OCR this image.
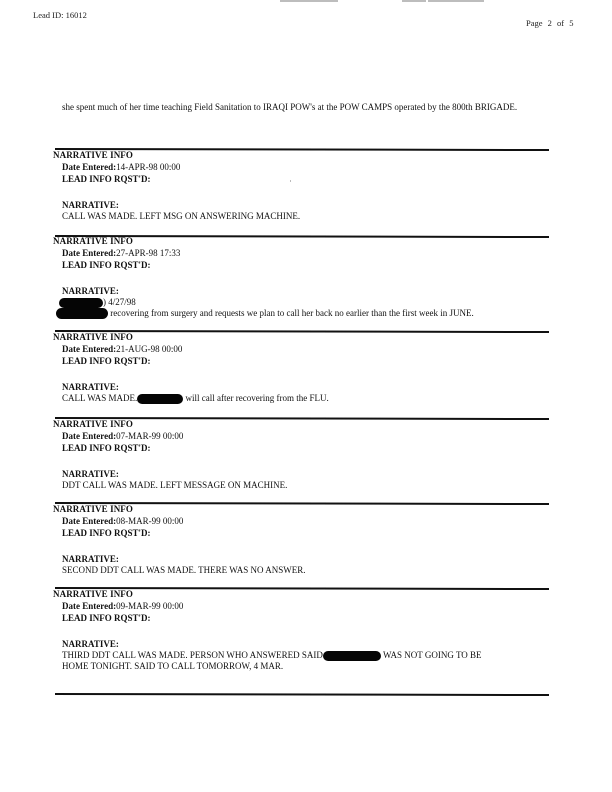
Lead ID: 16012
Page 2 of 5
she spent much of her time teaching Field Sanitation to IRAQI POW's at the POW CAMPS operated by the 800th BRIGADE.
NARRATIVE INFO
Date Entered:14-APR-98 00:00
LEAD INFO RQST'D:
NARRATIVE:
CALL WAS MADE. LEFT MSG ON ANSWERING MACHINE.
NARRATIVE INFO
Date Entered:27-APR-98 17:33
LEAD INFO RQST'D:
NARRATIVE:
) 4/27/98
recovering from surgery and requests we plan to call her back no earlier than the first week in JUNE.
NARRATIVE INFO
Date Entered:21-AUG-98 00:00
LEAD INFO RQST'D:
NARRATIVE:
CALL WAS MADE.	will call after recovering from the FLU.
NARRATIVE INFO
Date Entered:07-MAR-99 00:00
LEAD INFO RQST'D:
NARRATIVE:
DDT CALL WAS MADE. LEFT MESSAGE ON MACHINE.
NARRATIVE INFO
Date Entered:08-MAR-99 00:00
LEAD INFO RQST'D:
NARRATIVE:
SECOND DDT CALL WAS MADE. THERE WAS NO ANSWER.
NARRATIVE INFO
Date Entered:09-MAR-99 00:00
LEAD INFO RQST'D:
NARRATIVE:
THIRD DDT CALL WAS MADE. PERSON WHO ANSWERED SAID	WAS NOT GOING TO BE
HOME TONIGHT. SAID TO CALL TOMORROW, 4 MAR.
